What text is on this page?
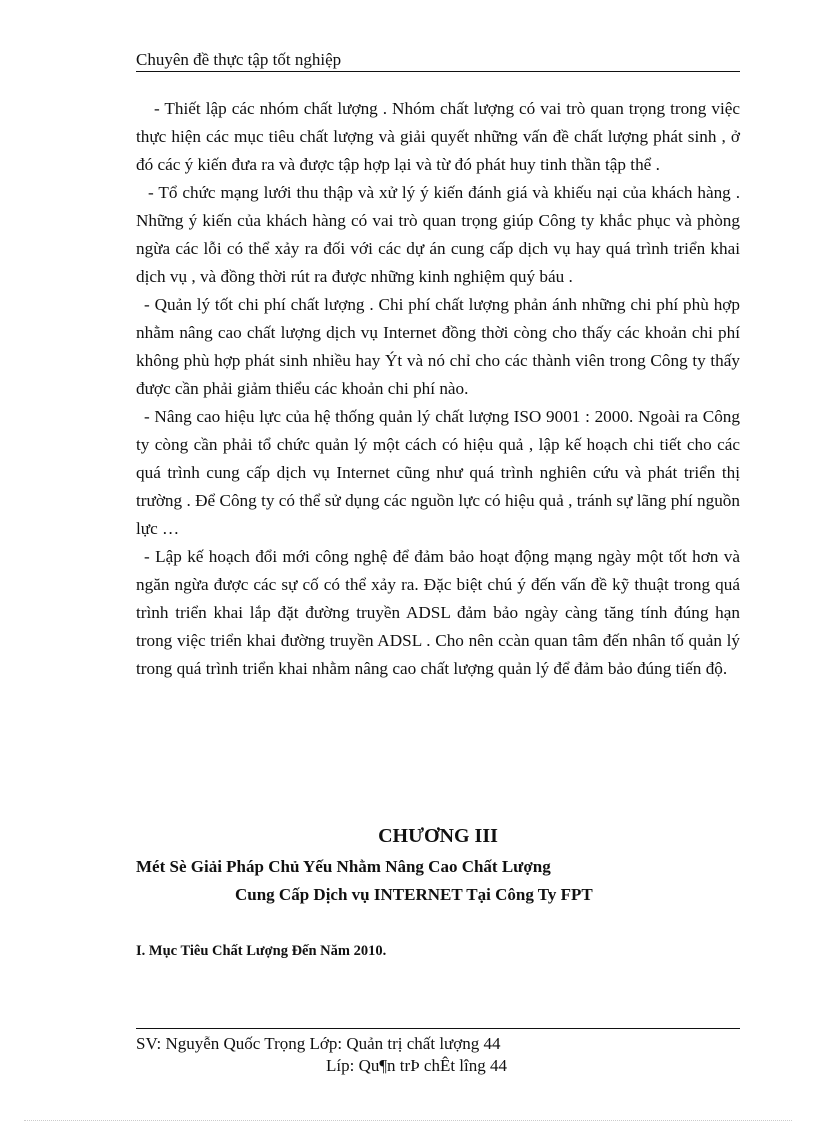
Chuyên đề thực tập tốt nghiệp

- Thiết lập các nhóm chất lượng . Nhóm chất lượng có vai trò quan trọng trong việc thực hiện các mục tiêu chất lượng và giải quyết những vấn đề chất lượng phát sinh , ở đó các ý kiến đưa ra và được tập hợp lại và từ đó phát huy tinh thần tập thể .

- Tổ chức mạng lưới thu thập và xử lý ý kiến đánh giá và khiếu nại của khách hàng . Những ý kiến của khách hàng có vai trò quan trọng giúp Công ty khắc phục và phòng ngừa các lỗi có thể xảy ra đối với các dự án cung cấp dịch vụ hay quá trình triển khai dịch vụ , và đồng thời rút ra được những kinh nghiệm quý báu .

- Quản lý tốt chi phí chất lượng . Chi phí chất lượng phản ánh những chi phí phù hợp nhằm nâng cao chất lượng dịch vụ Internet đồng thời còng cho thấy các khoản chi phí không phù hợp phát sinh nhiều hay Ýt và nó chỉ cho các thành viên trong Công ty thấy được cần phải giảm thiểu các khoản chi phí nào.

- Nâng cao hiệu lực của hệ thống quản lý chất lượng ISO 9001 : 2000. Ngoài ra Công ty còng cần phải tổ chức quản lý một cách có hiệu quả , lập kế hoạch chi tiết cho các quá trình cung cấp dịch vụ Internet cũng như quá trình nghiên cứu và phát triển thị trường . Để Công ty có thể sử dụng các nguồn lực có hiệu quả , tránh sự lãng phí nguồn lực …

- Lập kế hoạch đổi mới công nghệ để đảm bảo hoạt động mạng ngày một tốt hơn và ngăn ngừa được các sự cố có thể xảy ra. Đặc biệt chú ý đến vấn đề kỹ thuật trong quá trình triển khai lắp đặt đường truyền ADSL đảm bảo ngày càng tăng tính đúng hạn trong việc triển khai đường truyền ADSL . Cho nên ccàn quan tâm đến nhân tố quản lý trong quá trình triển khai nhằm nâng cao chất lượng quản lý để đảm bảo đúng tiến độ.

CHƯƠNG III
Mét Sè Giải Pháp Chủ Yếu Nhằm Nâng Cao Chất Lượng
Cung Cấp Dịch vụ INTERNET Tại Công Ty FPT
I. Mục Tiêu Chất Lượng Đến Năm 2010.
SV: Nguyễn Quốc Trọng Lớp: Quản trị chất lượng 44
Líp: Qu¶n trÞ chÊt lîng 44
